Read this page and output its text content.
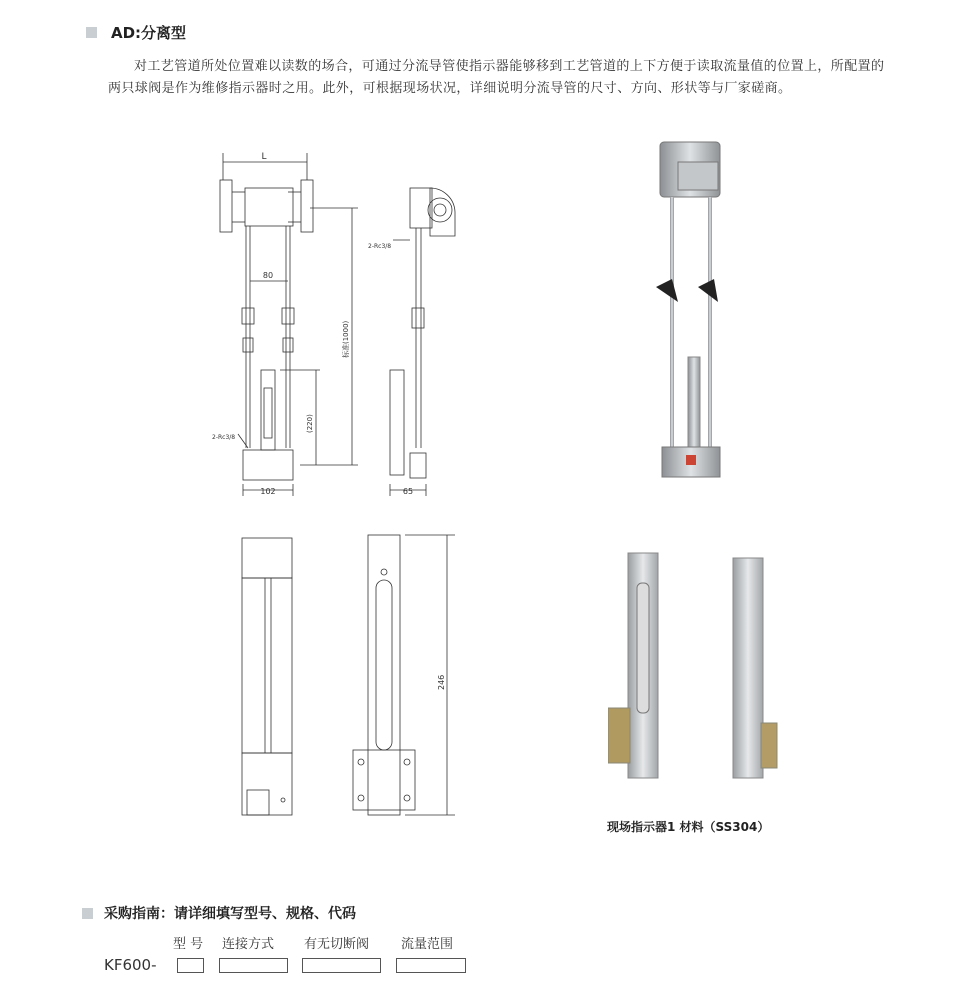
AD:分离型
对工艺管道所处位置难以读数的场合，可通过分流导管使指示器能够移到工艺管道的上下方便于读取流量值的位置上，所配置的两只球阀是作为维修指示器时之用。此外，可根据现场状况，详细说明分流导管的尺寸、方向、形状等与厂家磋商。
L
80
标准(1000)
(220)
102	65
2-Rc3/8
2-Rc3/8
246
现场指示器1 材料（SS304）
采购指南：请详细填写型号、规格、代码
型 号 连接方式 有无切断阀 流量范围
KF600-
